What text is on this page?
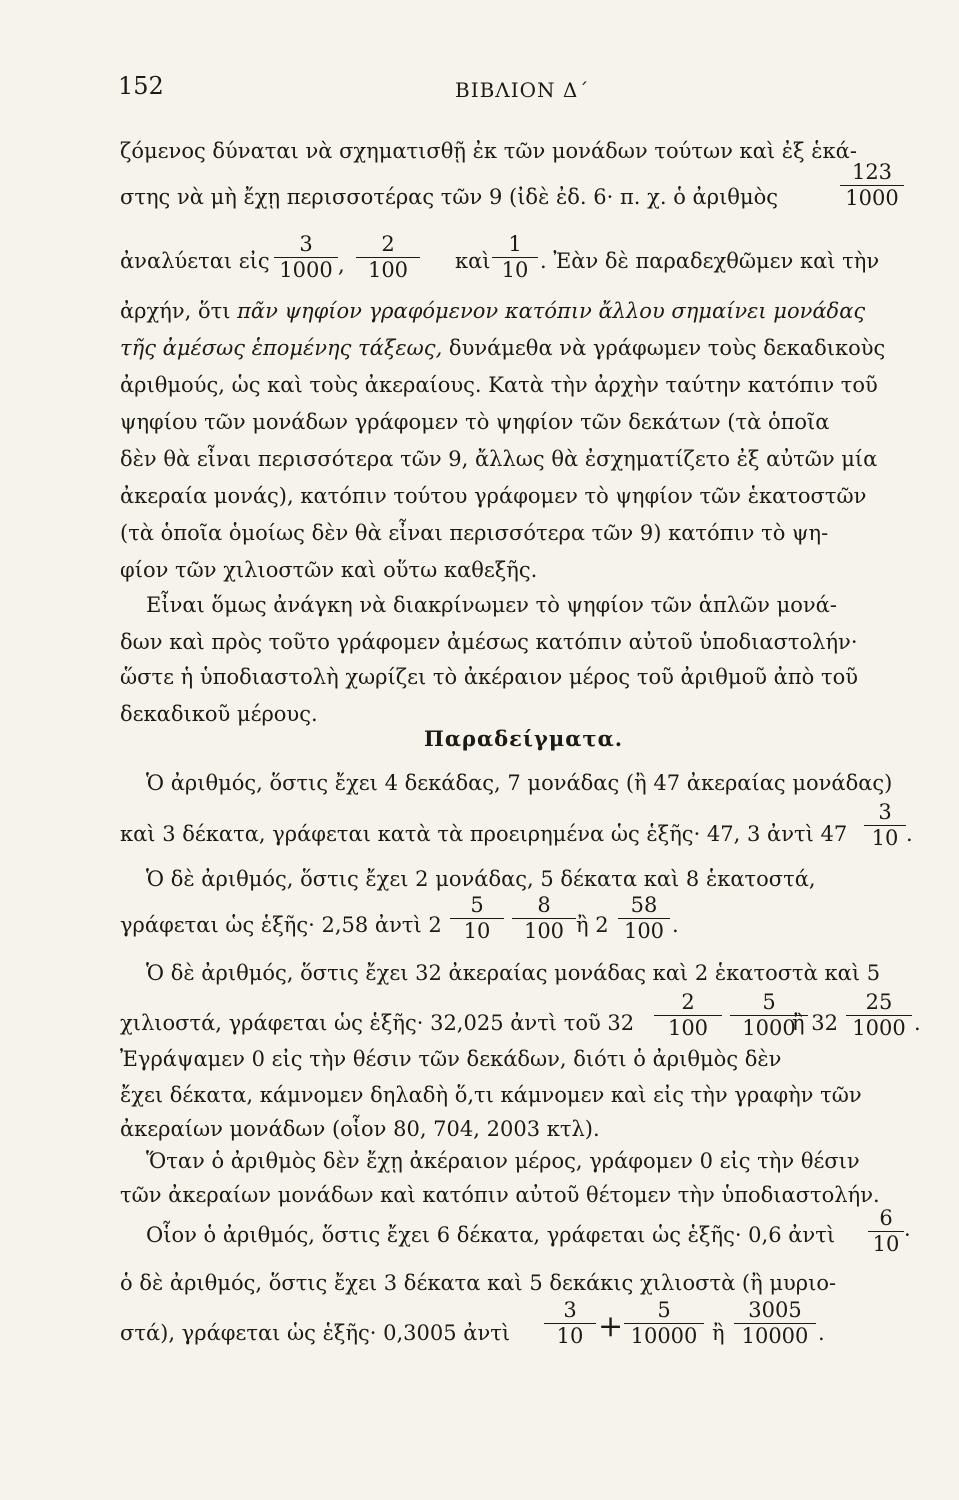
152	ΒΙΒΛΙΟΝ Δ΄
ζόμενος δύναται νὰ σχηματισθῇ ἐκ τῶν μονάδων τούτων καὶ ἐξ ἑκά-
στης νὰ μὴ ἔχῃ περισσοτέρας τῶν 9 (ἰδὲ ἐδ. 6· π. χ. ὁ ἀριθμὸς
123
1000
ἀναλύεται εἰς
3
1000 ,
2
100	καὶ
1
10 . Ἐὰν δὲ παραδεχθῶμεν καὶ τὴν
ἀρχήν, ὅτι πᾶν ψηφίον γραφόμενον κατόπιν ἄλλου σημαίνει μονάδας
τῆς ἀμέσως ἑπομένης τάξεως, δυνάμεθα νὰ γράφωμεν τοὺς δεκαδικοὺς
ἀριθμούς, ὡς καὶ τοὺς ἀκεραίους. Κατὰ τὴν ἀρχὴν ταύτην κατόπιν τοῦ
ψηφίου τῶν μονάδων γράφομεν τὸ ψηφίον τῶν δεκάτων (τὰ ὁποῖα
δὲν θὰ εἶναι περισσότερα τῶν 9, ἄλλως θὰ ἐσχηματίζετο ἐξ αὐτῶν μία
ἀκεραία μονάς), κατόπιν τούτου γράφομεν τὸ ψηφίον τῶν ἑκατοστῶν
(τὰ ὁποῖα ὁμοίως δὲν θὰ εἶναι περισσότερα τῶν 9) κατόπιν τὸ ψη-
φίον τῶν χιλιοστῶν καὶ οὕτω καθεξῆς.
Εἶναι ὅμως ἀνάγκη νὰ διακρίνωμεν τὸ ψηφίον τῶν ἁπλῶν μονά-
δων καὶ πρὸς τοῦτο γράφομεν ἀμέσως κατόπιν αὐτοῦ ὑποδιαστολήν·
ὥστε ἡ ὑποδιαστολὴ χωρίζει τὸ ἀκέραιον μέρος τοῦ ἀριθμοῦ ἀπὸ τοῦ
δεκαδικοῦ μέρους.
Παραδείγματα.
Ὁ ἀριθμός, ὅστις ἔχει 4 δεκάδας, 7 μονάδας (ἢ 47 ἀκεραίας μονάδας)
καὶ 3 δέκατα, γράφεται κατὰ τὰ προειρημένα ὡς ἑξῆς· 47, 3 ἀντὶ 47
3
10 .
Ὁ δὲ ἀριθμός, ὅστις ἔχει 2 μονάδας, 5 δέκατα καὶ 8 ἑκατοστά,
γράφεται ὡς ἑξῆς· 2,58 ἀντὶ 2
5
10
8
100 ἢ 2
58
100 .
Ὁ δὲ ἀριθμός, ὅστις ἔχει 32 ἀκεραίας μονάδας καὶ 2 ἑκατοστὰ καὶ 5
χιλιοστά, γράφεται ὡς ἑξῆς· 32,025 ἀντὶ τοῦ 32
2
100
5
1000
ἢ 32
25
1000 .
Ἐγράψαμεν 0 εἰς τὴν θέσιν τῶν δεκάδων, διότι ὁ ἀριθμὸς δὲν
ἔχει δέκατα, κάμνομεν δηλαδὴ ὅ,τι κάμνομεν καὶ εἰς τὴν γραφὴν τῶν
ἀκεραίων μονάδων (οἷον 80, 704, 2003 κτλ).
Ὅταν ὁ ἀριθμὸς δὲν ἔχῃ ἀκέραιον μέρος, γράφομεν 0 εἰς τὴν θέσιν
τῶν ἀκεραίων μονάδων καὶ κατόπιν αὐτοῦ θέτομεν τὴν ὑποδιαστολήν.
Οἷον ὁ ἀριθμός, ὅστις ἔχει 6 δέκατα, γράφεται ὡς ἑξῆς· 0,6 ἀντὶ
6
10 ·
ὁ δὲ ἀριθμός, ὅστις ἔχει 3 δέκατα καὶ 5 δεκάκις χιλιοστὰ (ἢ μυριο-
στά), γράφεται ὡς ἑξῆς· 0,3005 ἀντὶ
3
10 +	5
10000 ἢ
3005
10000 .
